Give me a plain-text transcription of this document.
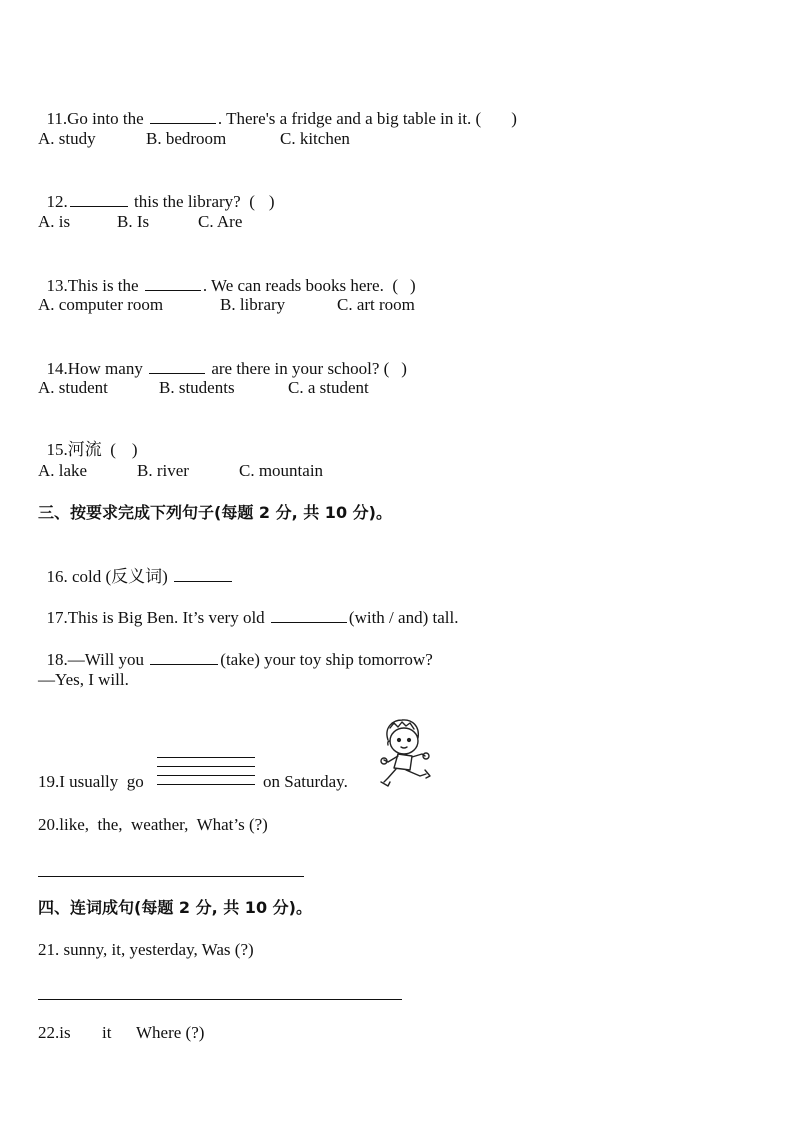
11.Go into the	. There's a fridge and a big table in it. ( )

A. study	B. bedroom	C. kitchen

12.	this the library?  ( )

A. is	B. Is	C. Are

13.This is the	. We can reads books here.  ( )

A. computer room	B. library	C. art room

14.How many	are there in your school? ( )

A. student	B. students	C. a student

15.河流  ( )

A. lake	B. river	C. mountain
三、按要求完成下列句子(每题 2 分, 共 10 分)。

16. cold (反义词)

17.This is Big Ben. It’s very old	(with / and) tall.

18.—Will you	(take) your toy ship tomorrow?

—Yes, I will.
19.I usually  go	on Saturday.
20.like,  the,  weather,  What’s (?)
四、连词成句(每题 2 分, 共 10 分)。
21. sunny, it, yesterday, Was (?)
22.is it Where (?)
